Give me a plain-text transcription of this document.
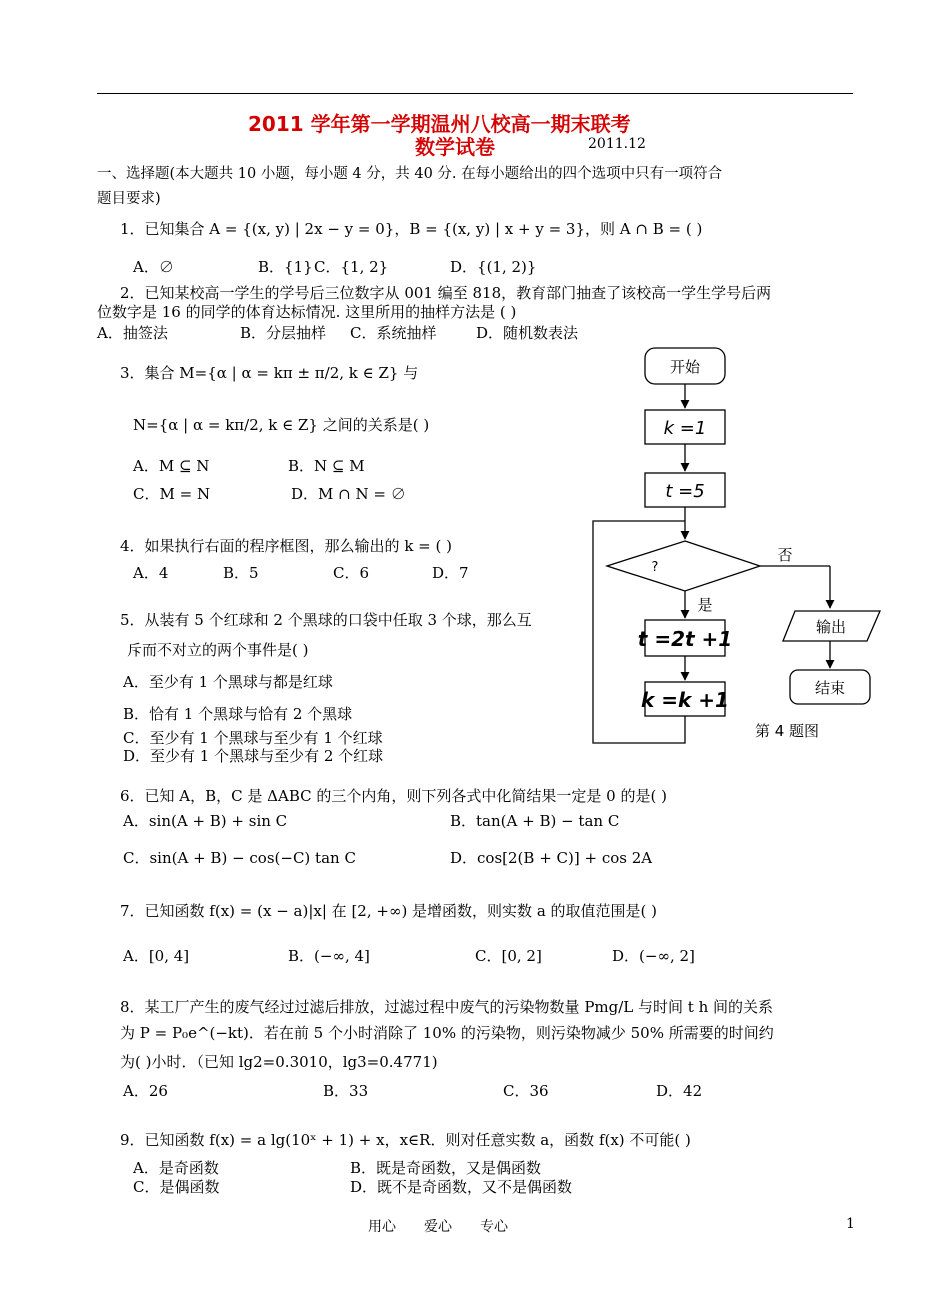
2011 学年第一学期温州八校高一期末联考
数学试卷	2011.12
一、选择题(本大题共 10 小题，每小题 4 分，共 40 分. 在每小题给出的四个选项中只有一项符合
题目要求)
1．已知集合 A = {(x, y) | 2x − y = 0}，B = {(x, y) | x + y = 3}，则 A ∩ B = ( )
A．∅	B．{1} C．{1, 2}	D．{(1, 2)}
2．已知某校高一学生的学号后三位数字从 001 编至 818，教育部门抽查了该校高一学生学号后两
位数字是 16 的同学的体育达标情况. 这里所用的抽样方法是 ( )
A．抽签法	B．分层抽样 C．系统抽样	D．随机数表法
3．集合 M={α | α = kπ ± π/2, k ∈ Z} 与
N={α | α = kπ/2, k ∈ Z} 之间的关系是( )
A．M ⊆ N	B．N ⊆ M
C．M = N	D．M ∩ N = ∅
4．如果执行右面的程序框图，那么输出的 k = ( )
A．4	B．5	C．6	D．7
5．从装有 5 个红球和 2 个黑球的口袋中任取 3 个球，那么互
斥而不对立的两个事件是( )
A．至少有 1 个黑球与都是红球
B．恰有 1 个黑球与恰有 2 个黑球
C．至少有 1 个黑球与至少有 1 个红球
D．至少有 1 个黑球与至少有 2 个红球
6．已知 A，B，C 是 ΔABC 的三个内角，则下列各式中化简结果一定是 0 的是( )
A．sin(A + B) + sin C	B．tan(A + B) − tan C
C．sin(A + B) − cos(−C) tan C	D．cos[2(B + C)] + cos 2A
7．已知函数 f(x) = (x − a)|x| 在 [2, +∞) 是增函数，则实数 a 的取值范围是( )
A．[0, 4]	B．(−∞, 4]	C．[0, 2]	D．(−∞, 2]
8．某工厂产生的废气经过过滤后排放，过滤过程中废气的污染物数量 Pmg/L 与时间 t h 间的关系
为 P = P₀e^(−kt)．若在前 5 个小时消除了 10% 的污染物，则污染物减少 50% 所需要的时间约
为( )小时．（已知 lg2=0.3010，lg3=0.4771)
A．26	B．33	C．36	D．42
9．已知函数 f(x) = a lg(10ˣ + 1) + x，x∈R．则对任意实数 a，函数 f(x) 不可能( )
A．是奇函数	B．既是奇函数，又是偶函数
C．是偶函数	D．既不是奇函数，又不是偶函数
开始
k =1
t =5
?
否
是
t =2t +1
k =k +1
输出
结束
第 4 题图
用心　　爱心　　专心	1
